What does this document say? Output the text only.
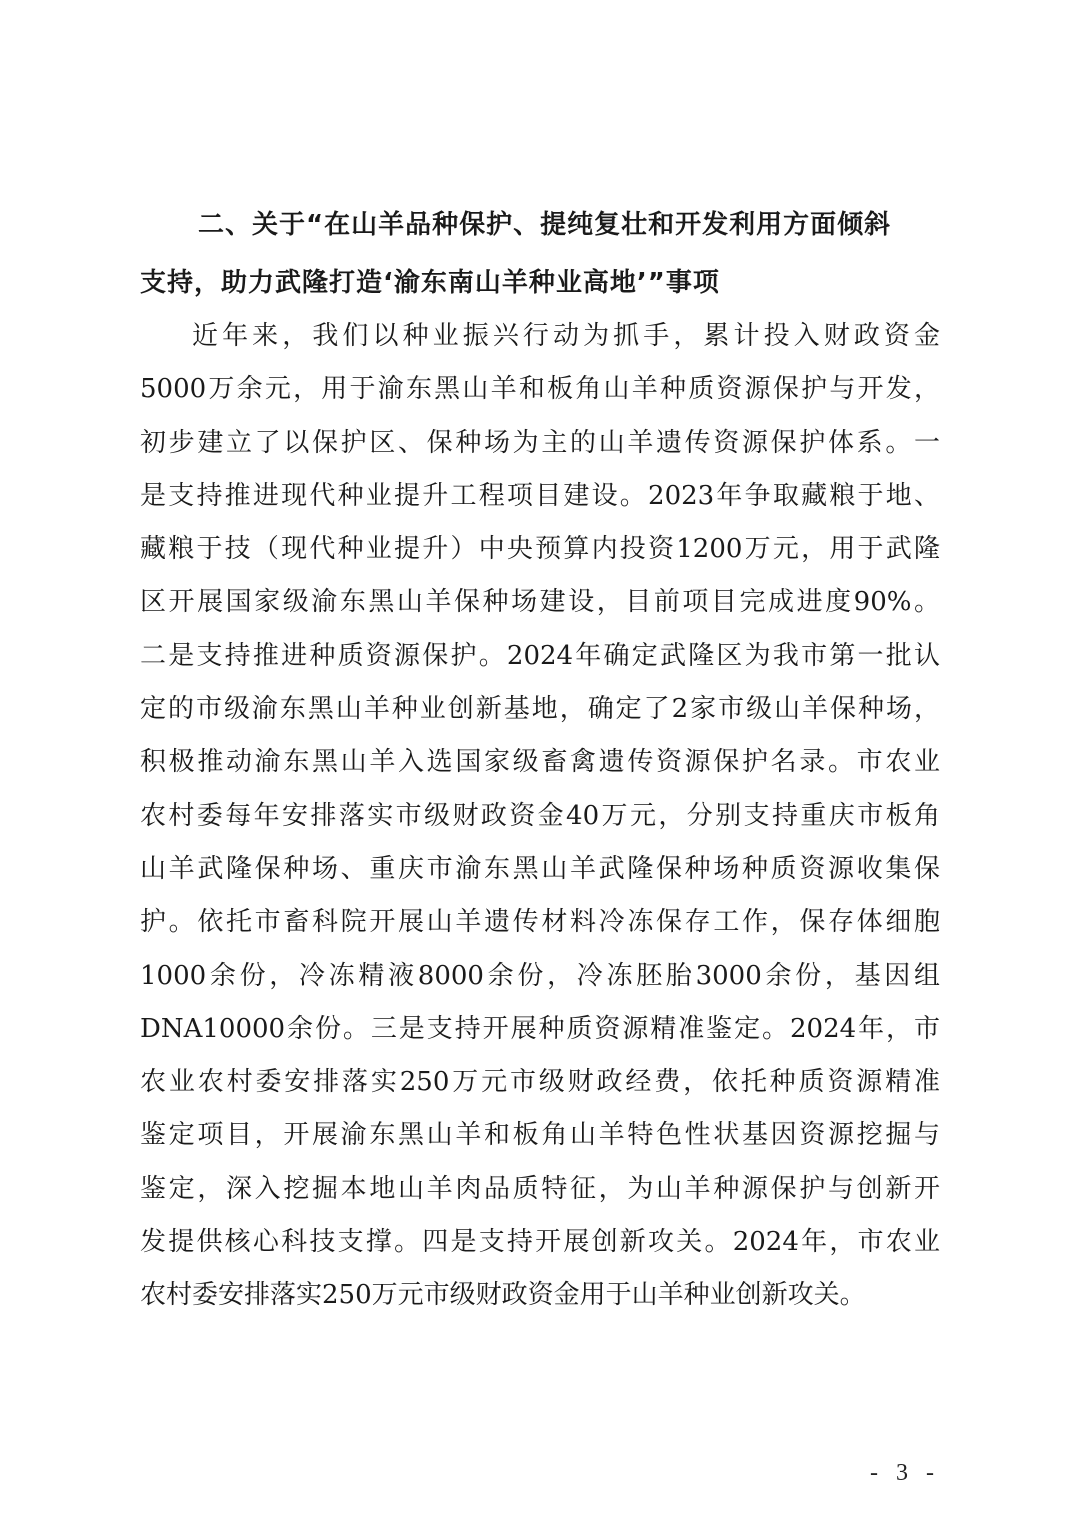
二、关于“在山羊品种保护、提纯复壮和开发利用方面倾斜
支持，助力武隆打造‘渝东南山羊种业高地’”事项
近年来，我们以种业振兴行动为抓手，累计投入财政资金
5000万余元，用于渝东黑山羊和板角山羊种质资源保护与开发，
初步建立了以保护区、保种场为主的山羊遗传资源保护体系。一
是支持推进现代种业提升工程项目建设。2023年争取藏粮于地、
藏粮于技（现代种业提升）中央预算内投资1200万元，用于武隆
区开展国家级渝东黑山羊保种场建设，目前项目完成进度90%。
二是支持推进种质资源保护。2024年确定武隆区为我市第一批认
定的市级渝东黑山羊种业创新基地，确定了2家市级山羊保种场，
积极推动渝东黑山羊入选国家级畜禽遗传资源保护名录。市农业
农村委每年安排落实市级财政资金40万元，分别支持重庆市板角
山羊武隆保种场、重庆市渝东黑山羊武隆保种场种质资源收集保
护。依托市畜科院开展山羊遗传材料冷冻保存工作，保存体细胞
1000余份，冷冻精液8000余份，冷冻胚胎3000余份，基因组
DNA10000余份。三是支持开展种质资源精准鉴定。2024年，市
农业农村委安排落实250万元市级财政经费，依托种质资源精准
鉴定项目，开展渝东黑山羊和板角山羊特色性状基因资源挖掘与
鉴定，深入挖掘本地山羊肉品质特征，为山羊种源保护与创新开
发提供核心科技支撑。四是支持开展创新攻关。2024年，市农业
农村委安排落实250万元市级财政资金用于山羊种业创新攻关。
- 3 -
